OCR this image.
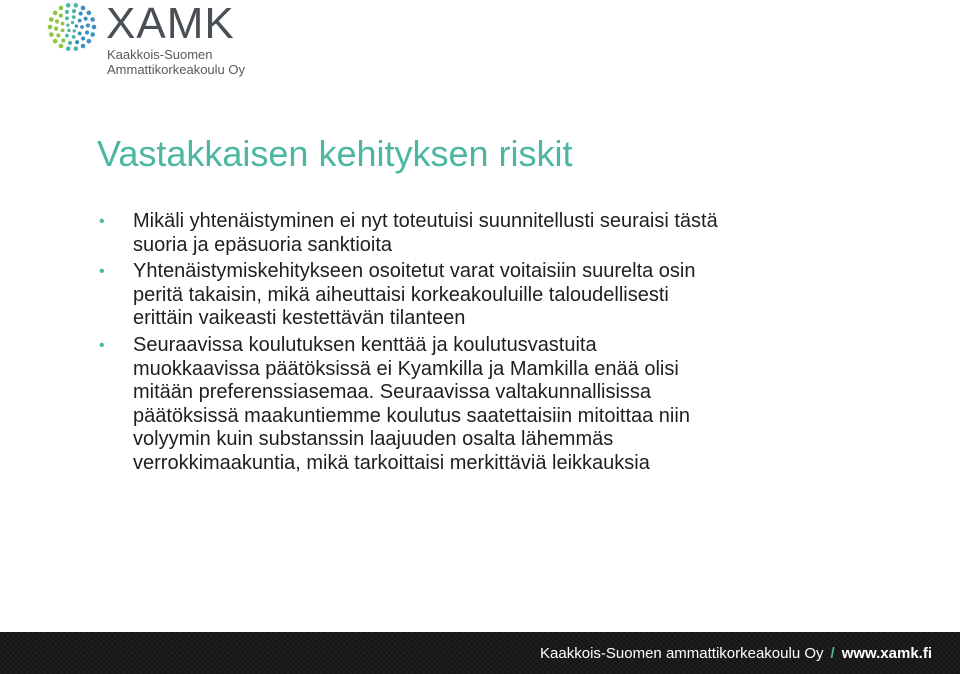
XAMK
Kaakkois-Suomen
Ammattikorkeakoulu Oy
Vastakkaisen kehityksen riskit
• Mikäli yhtenäistyminen ei nyt toteutuisi suunnitellusti seuraisi tästä
suoria ja epäsuoria sanktioita
• Yhtenäistymiskehitykseen osoitetut varat voitaisiin suurelta osin
peritä takaisin, mikä aiheuttaisi korkeakouluille taloudellisesti
erittäin vaikeasti kestettävän tilanteen
• Seuraavissa koulutuksen kenttää ja koulutusvastuita
muokkaavissa päätöksissä ei Kyamkilla ja Mamkilla enää olisi
mitään preferenssiasemaa. Seuraavissa valtakunnallisissa
päätöksissä maakuntiemme koulutus saatettaisiin mitoittaa niin
volyymin kuin substanssin laajuuden osalta lähemmäs
verrokkimaakuntia, mikä tarkoittaisi merkittäviä leikkauksia
Kaakkois-Suomen ammattikorkeakoulu Oy / www.xamk.fi
